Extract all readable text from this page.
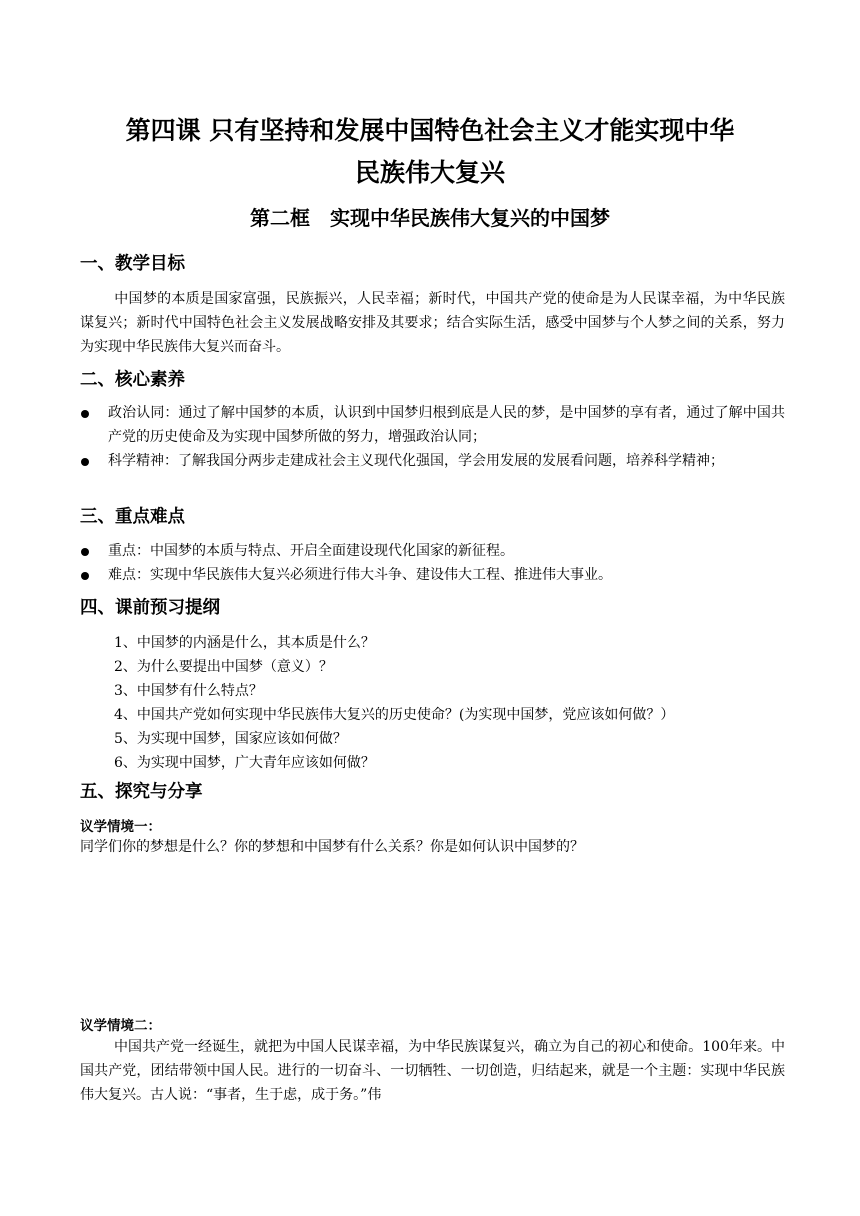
第四课 只有坚持和发展中国特色社会主义才能实现中华
民族伟大复兴
第二框　实现中华民族伟大复兴的中国梦
一、教学目标
中国梦的本质是国家富强，民族振兴，人民幸福；新时代，中国共产党的使命是为人民谋幸福，为中华民族谋复兴；新时代中国特色社会主义发展战略安排及其要求；结合实际生活，感受中国梦与个人梦之间的关系，努力为实现中华民族伟大复兴而奋斗。
二、核心素养
政治认同：通过了解中国梦的本质，认识到中国梦归根到底是人民的梦，是中国梦的享有者，通过了解中国共产党的历史使命及为实现中国梦所做的努力，增强政治认同；
科学精神：了解我国分两步走建成社会主义现代化强国，学会用发展的发展看问题，培养科学精神；
三、重点难点
重点：中国梦的本质与特点、开启全面建设现代化国家的新征程。
难点：实现中华民族伟大复兴必须进行伟大斗争、建设伟大工程、推进伟大事业。
四、课前预习提纲
1、中国梦的内涵是什么，其本质是什么？
2、为什么要提出中国梦（意义）？
3、中国梦有什么特点？
4、中国共产党如何实现中华民族伟大复兴的历史使命？(为实现中国梦，党应该如何做？）
5、为实现中国梦，国家应该如何做？
6、为实现中国梦，广大青年应该如何做？
五、探究与分享
议学情境一：
同学们你的梦想是什么？你的梦想和中国梦有什么关系？你是如何认识中国梦的？
议学情境二：
中国共产党一经诞生，就把为中国人民谋幸福，为中华民族谋复兴，确立为自己的初心和使命。100年来。中国共产党，团结带领中国人民。进行的一切奋斗、一切牺牲、一切创造，归结起来，就是一个主题：实现中华民族伟大复兴。古人说：“事者，生于虑，成于务。”伟
